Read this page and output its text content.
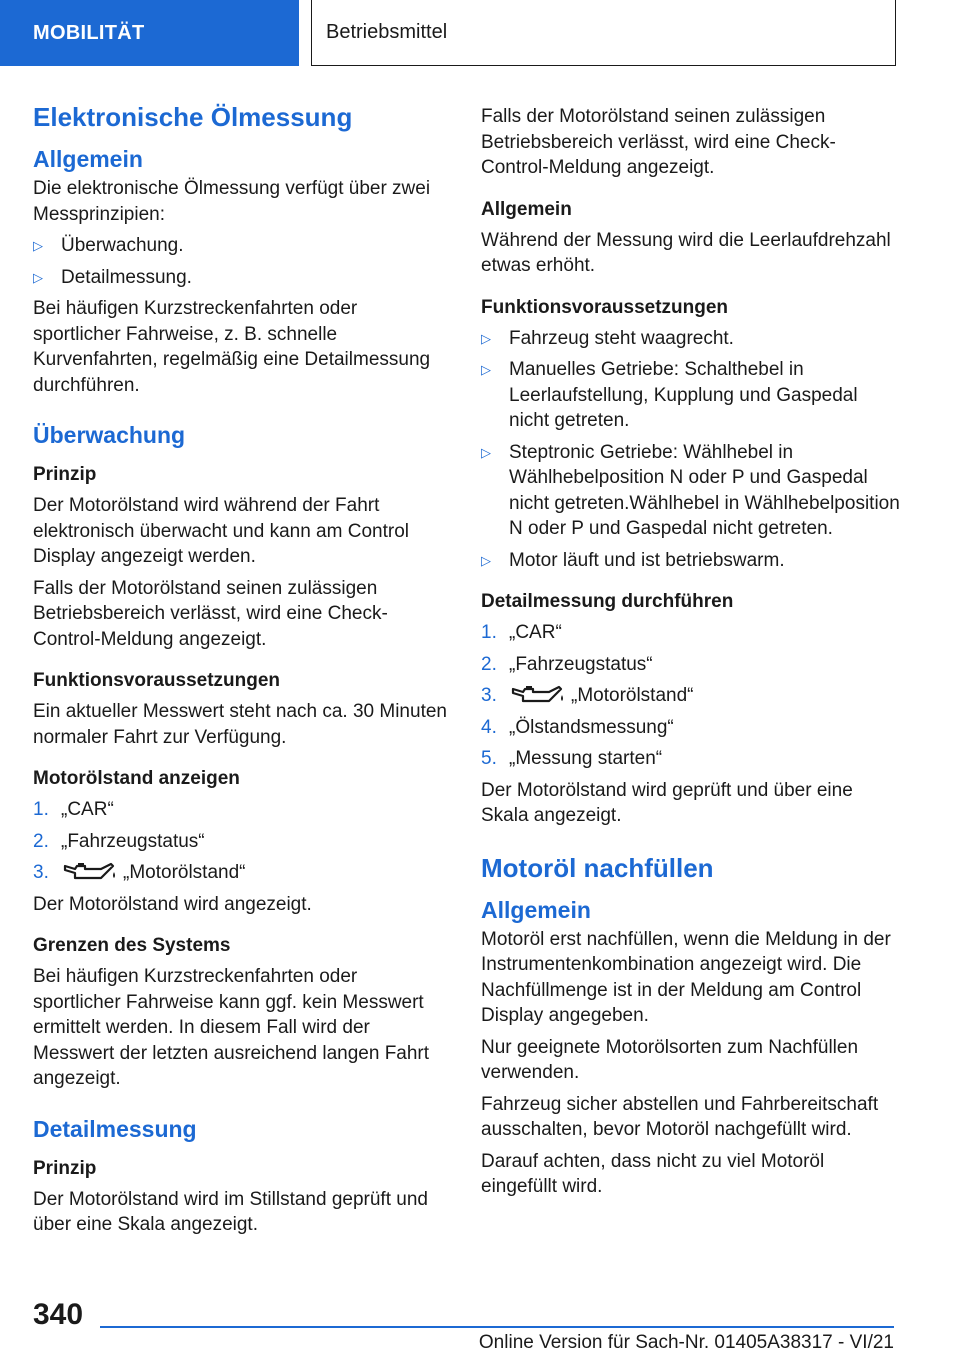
MOBILITÄT	Betriebsmittel
Elektronische Ölmessung
Allgemein

Die elektronische Ölmessung verfügt über zwei Messprinzipien:

▷ Überwachung.
▷ Detailmessung.

Bei häufigen Kurzstreckenfahrten oder sportlicher Fahrweise, z. B. schnelle Kurvenfahrten, regelmäßig eine Detailmessung durchführen.

Überwachung
Prinzip

Der Motorölstand wird während der Fahrt elektronisch überwacht und kann am Control Display angezeigt werden.

Falls der Motorölstand seinen zulässigen Betriebsbereich verlässt, wird eine Check-Control-Meldung angezeigt.

Funktionsvoraussetzungen

Ein aktueller Messwert steht nach ca. 30 Minuten normaler Fahrt zur Verfügung.

Motorölstand anzeigen
1. „CAR“
2. „Fahrzeugstatus“
3.	„Motorölstand“

Der Motorölstand wird angezeigt.

Grenzen des Systems

Bei häufigen Kurzstreckenfahrten oder sportlicher Fahrweise kann ggf. kein Messwert ermittelt werden. In diesem Fall wird der Messwert der letzten ausreichend langen Fahrt angezeigt.

Detailmessung
Prinzip

Der Motorölstand wird im Stillstand geprüft und über eine Skala angezeigt.

Falls der Motorölstand seinen zulässigen Betriebsbereich verlässt, wird eine Check-Control-Meldung angezeigt.

Allgemein

Während der Messung wird die Leerlaufdrehzahl etwas erhöht.

Funktionsvoraussetzungen
▷ Fahrzeug steht waagrecht.
▷ Manuelles Getriebe: Schalthebel in Leerlaufstellung, Kupplung und Gaspedal nicht getreten.
▷ Steptronic Getriebe: Wählhebel in Wählhebelposition N oder P und Gaspedal nicht getreten.Wählhebel in Wählhebelposition N oder P und Gaspedal nicht getreten.
▷ Motor läuft und ist betriebswarm.
Detailmessung durchführen
1. „CAR“
2. „Fahrzeugstatus“
3.	„Motorölstand“
4. „Ölstandsmessung“
5. „Messung starten“

Der Motorölstand wird geprüft und über eine Skala angezeigt.

Motoröl nachfüllen
Allgemein

Motoröl erst nachfüllen, wenn die Meldung in der Instrumentenkombination angezeigt wird. Die Nachfüllmenge ist in der Meldung am Control Display angegeben.

Nur geeignete Motorölsorten zum Nachfüllen verwenden.

Fahrzeug sicher abstellen und Fahrbereitschaft ausschalten, bevor Motoröl nachgefüllt wird.

Darauf achten, dass nicht zu viel Motoröl eingefüllt wird.

340
Online Version für Sach-Nr. 01405A38317 - VI/21
